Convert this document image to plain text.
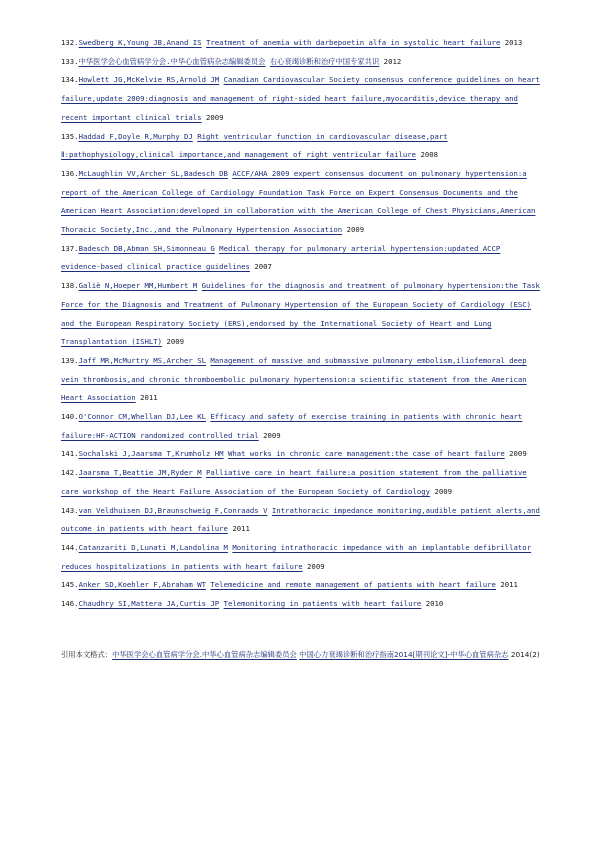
132.Swedberg K,Young JB,Anand IS Treatment of anemia with darbepoetin alfa in systolic heart failure 2013

133.中华医学会心血管病学分会.中华心血管病杂志编辑委员会 右心衰竭诊断和治疗中国专家共识 2012

134.Howlett JG,McKelvie RS,Arnold JM Canadian Cardiovascular Society consensus conference guidelines on heart failure,update 2009:diagnosis and management of right-sided heart failure,myocarditis,device therapy and recent important clinical trials 2009

135.Haddad F,Doyle R,Murphy DJ Right ventricular function in cardiovascular disease,part Ⅱ:pathophysiology,clinical importance,and management of right ventricular failure 2008

136.McLaughlin VV,Archer SL,Badesch DB ACCF/AHA 2009 expert consensus document on pulmonary hypertension:a report of the American College of Cardiology Foundation Task Force on Expert Consensus Documents and the American Heart Association:developed in collaboration with the American College of Chest Physicians,American Thoracic Society,Inc.,and the Pulmonary Hypertension Association 2009

137.Badesch DB,Abman SH,Simonneau G Medical therapy for pulmonary arterial hypertension:updated ACCP evidence-based clinical practice guidelines 2007

138.Galiè N,Hoeper MM,Humbert M Guidelines for the diagnosis and treatment of pulmonary hypertension:the Task Force for the Diagnosis and Treatment of Pulmonary Hypertension of the European Society of Cardiology (ESC) and the European Respiratory Society (ERS),endorsed by the International Society of Heart and Lung Transplantation (ISHLT) 2009

139.Jaff MR,McMurtry MS,Archer SL Management of massive and submassive pulmonary embolism,iliofemoral deep vein thrombosis,and chronic thromboembolic pulmonary hypertension:a scientific statement from the American Heart Association 2011

140.O'Connor CM,Whellan DJ,Lee KL Efficacy and safety of exercise training in patients with chronic heart failure:HF-ACTION randomized controlled trial 2009

141.Sochalski J,Jaarsma T,Krumholz HM What works in chronic care management:the case of heart failure 2009

142.Jaarsma T,Beattie JM,Ryder M Palliative care in heart failure:a position statement from the palliative care workshop of the Heart Failure Association of the European Society of Cardiology 2009

143.van Veldhuisen DJ,Braunschweig F,Conraads V Intrathoracic impedance monitoring,audible patient alerts,and outcome in patients with heart failure 2011

144.Catanzariti D,Lunati M,Landolina M Monitoring intrathoracic impedance with an implantable defibrillator reduces hospitalizations in patients with heart failure 2009

145.Anker SD,Koehler F,Abraham WT Telemedicine and remote management of patients with heart failure 2011

146.Chaudhry SI,Mattera JA,Curtis JP Telemonitoring in patients with heart failure 2010

引用本文格式：中华医学会心血管病学分会.中华心血管病杂志编辑委员会 中国心力衰竭诊断和治疗指南2014[期刊论文]-中华心血管病杂志 2014(2)
